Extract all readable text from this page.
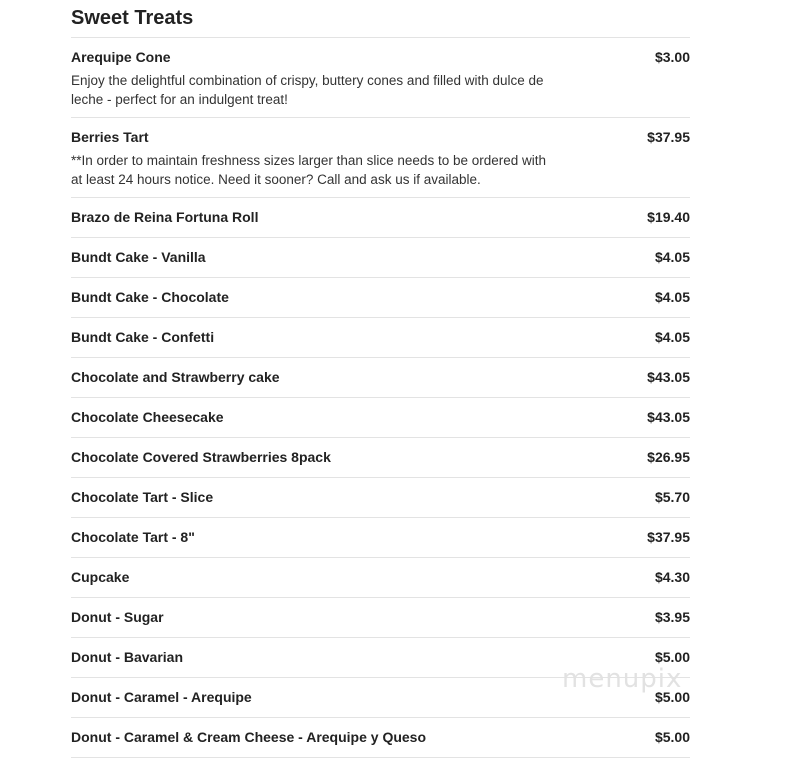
Sweet Treats
Arequipe Cone	$3.00
Enjoy the delightful combination of crispy, buttery cones and filled with dulce de leche - perfect for an indulgent treat!
Berries Tart	$37.95
**In order to maintain freshness sizes larger than slice needs to be ordered with at least 24 hours notice. Need it sooner? Call and ask us if available.
Brazo de Reina Fortuna Roll	$19.40
Bundt Cake - Vanilla	$4.05
Bundt Cake - Chocolate	$4.05
Bundt Cake - Confetti	$4.05
Chocolate and Strawberry cake	$43.05
Chocolate Cheesecake	$43.05
Chocolate Covered Strawberries 8pack	$26.95
Chocolate Tart - Slice	$5.70
Chocolate Tart - 8"	$37.95
Cupcake	$4.30
Donut - Sugar	$3.95
Donut - Bavarian	$5.00
Donut - Caramel - Arequipe	$5.00
Donut - Caramel & Cream Cheese - Arequipe y Queso	$5.00
menupix
